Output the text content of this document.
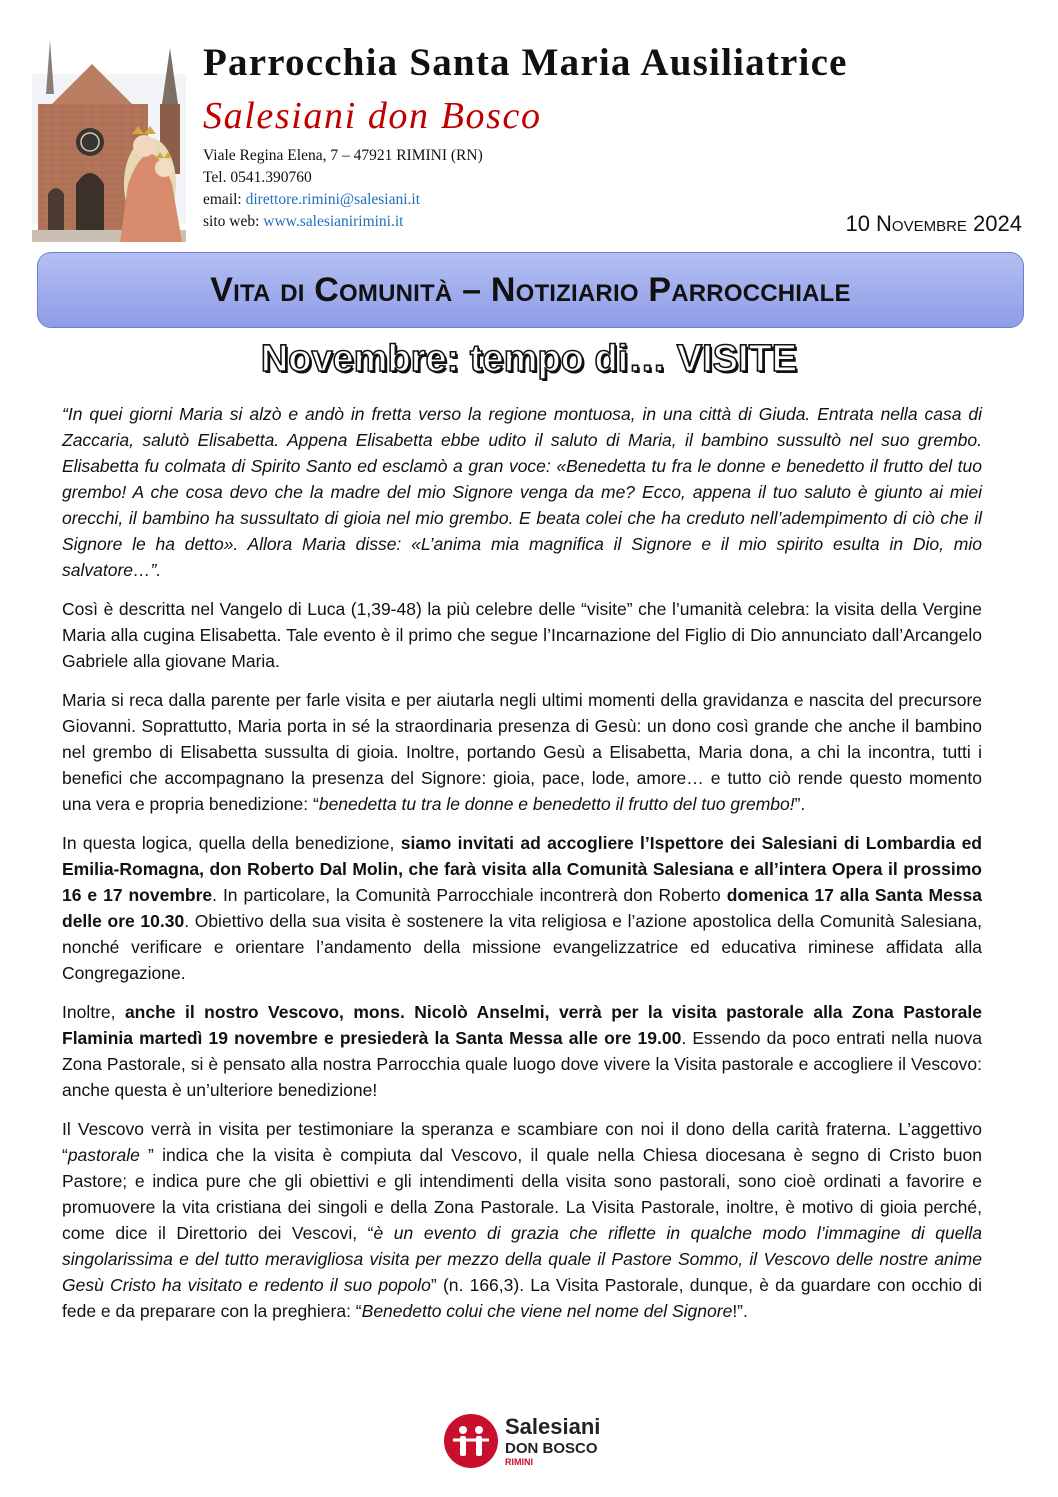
Parrocchia Santa Maria Ausiliatrice
Salesiani don Bosco
Viale Regina Elena, 7 – 47921 RIMINI (RN)
Tel. 0541.390760
email: direttore.rimini@salesiani.it
sito web: www.salesianirimini.it	10 Novembre 2024
Vita di Comunità – Notiziario Parrocchiale
Novembre: tempo di… VISITE

“In quei giorni Maria si alzò e andò in fretta verso la regione montuosa, in una città di Giuda. Entrata nella casa di Zaccaria, salutò Elisabetta. Appena Elisabetta ebbe udito il saluto di Maria, il bambino sussultò nel suo grembo. Elisabetta fu colmata di Spirito Santo ed esclamò a gran voce: «Benedetta tu fra le donne e benedetto il frutto del tuo grembo! A che cosa devo che la madre del mio Signore venga da me? Ecco, appena il tuo saluto è giunto ai miei orecchi, il bambino ha sussultato di gioia nel mio grembo. E beata colei che ha creduto nell’adempimento di ciò che il Signore le ha detto». Allora Maria disse: «L’anima mia magnifica il Signore e il mio spirito esulta in Dio, mio salvatore…”.

Così è descritta nel Vangelo di Luca (1,39-48) la più celebre delle “visite” che l’umanità celebra: la visita della Vergine Maria alla cugina Elisabetta. Tale evento è il primo che segue l’Incarnazione del Figlio di Dio annunciato dall’Arcangelo Gabriele alla giovane Maria.

Maria si reca dalla parente per farle visita e per aiutarla negli ultimi momenti della gravidanza e nascita del precursore Giovanni. Soprattutto, Maria porta in sé la straordinaria presenza di Gesù: un dono così grande che anche il bambino nel grembo di Elisabetta sussulta di gioia. Inoltre, portando Gesù a Elisabetta, Maria dona, a chi la incontra, tutti i benefici che accompagnano la presenza del Signore: gioia, pace, lode, amore… e tutto ciò rende questo momento una vera e propria benedizione: “benedetta tu tra le donne e benedetto il frutto del tuo grembo!”.

In questa logica, quella della benedizione, siamo invitati ad accogliere l’Ispettore dei Salesiani di Lombardia ed Emilia-Romagna, don Roberto Dal Molin, che farà visita alla Comunità Salesiana e all’intera Opera il prossimo 16 e 17 novembre. In particolare, la Comunità Parrocchiale incontrerà don Roberto domenica 17 alla Santa Messa delle ore 10.30. Obiettivo della sua visita è sostenere la vita religiosa e l’azione apostolica della Comunità Salesiana, nonché verificare e orientare l’andamento della missione evangelizzatrice ed educativa riminese affidata alla Congregazione.

Inoltre, anche il nostro Vescovo, mons. Nicolò Anselmi, verrà per la visita pastorale alla Zona Pastorale Flaminia martedì 19 novembre e presiederà la Santa Messa alle ore 19.00. Essendo da poco entrati nella nuova Zona Pastorale, si è pensato alla nostra Parrocchia quale luogo dove vivere la Visita pastorale e accogliere il Vescovo: anche questa è un’ulteriore benedizione!

Il Vescovo verrà in visita per testimoniare la speranza e scambiare con noi il dono della carità fraterna. L’aggettivo “pastorale ” indica che la visita è compiuta dal Vescovo, il quale nella Chiesa diocesana è segno di Cristo buon Pastore; e indica pure che gli obiettivi e gli intendimenti della visita sono pastorali, sono cioè ordinati a favorire e promuovere la vita cristiana dei singoli e della Zona Pastorale. La Visita Pastorale, inoltre, è motivo di gioia perché, come dice il Direttorio dei Vescovi, “è un evento di grazia che riflette in qualche modo l’immagine di quella singolarissima e del tutto meravigliosa visita per mezzo della quale il Pastore Sommo, il Vescovo delle nostre anime Gesù Cristo ha visitato e redento il suo popolo” (n. 166,3). La Visita Pastorale, dunque, è da guardare con occhio di fede e da preparare con la preghiera: “Benedetto colui che viene nel nome del Signore!”.

Salesiani
DON BOSCO
RIMINI
